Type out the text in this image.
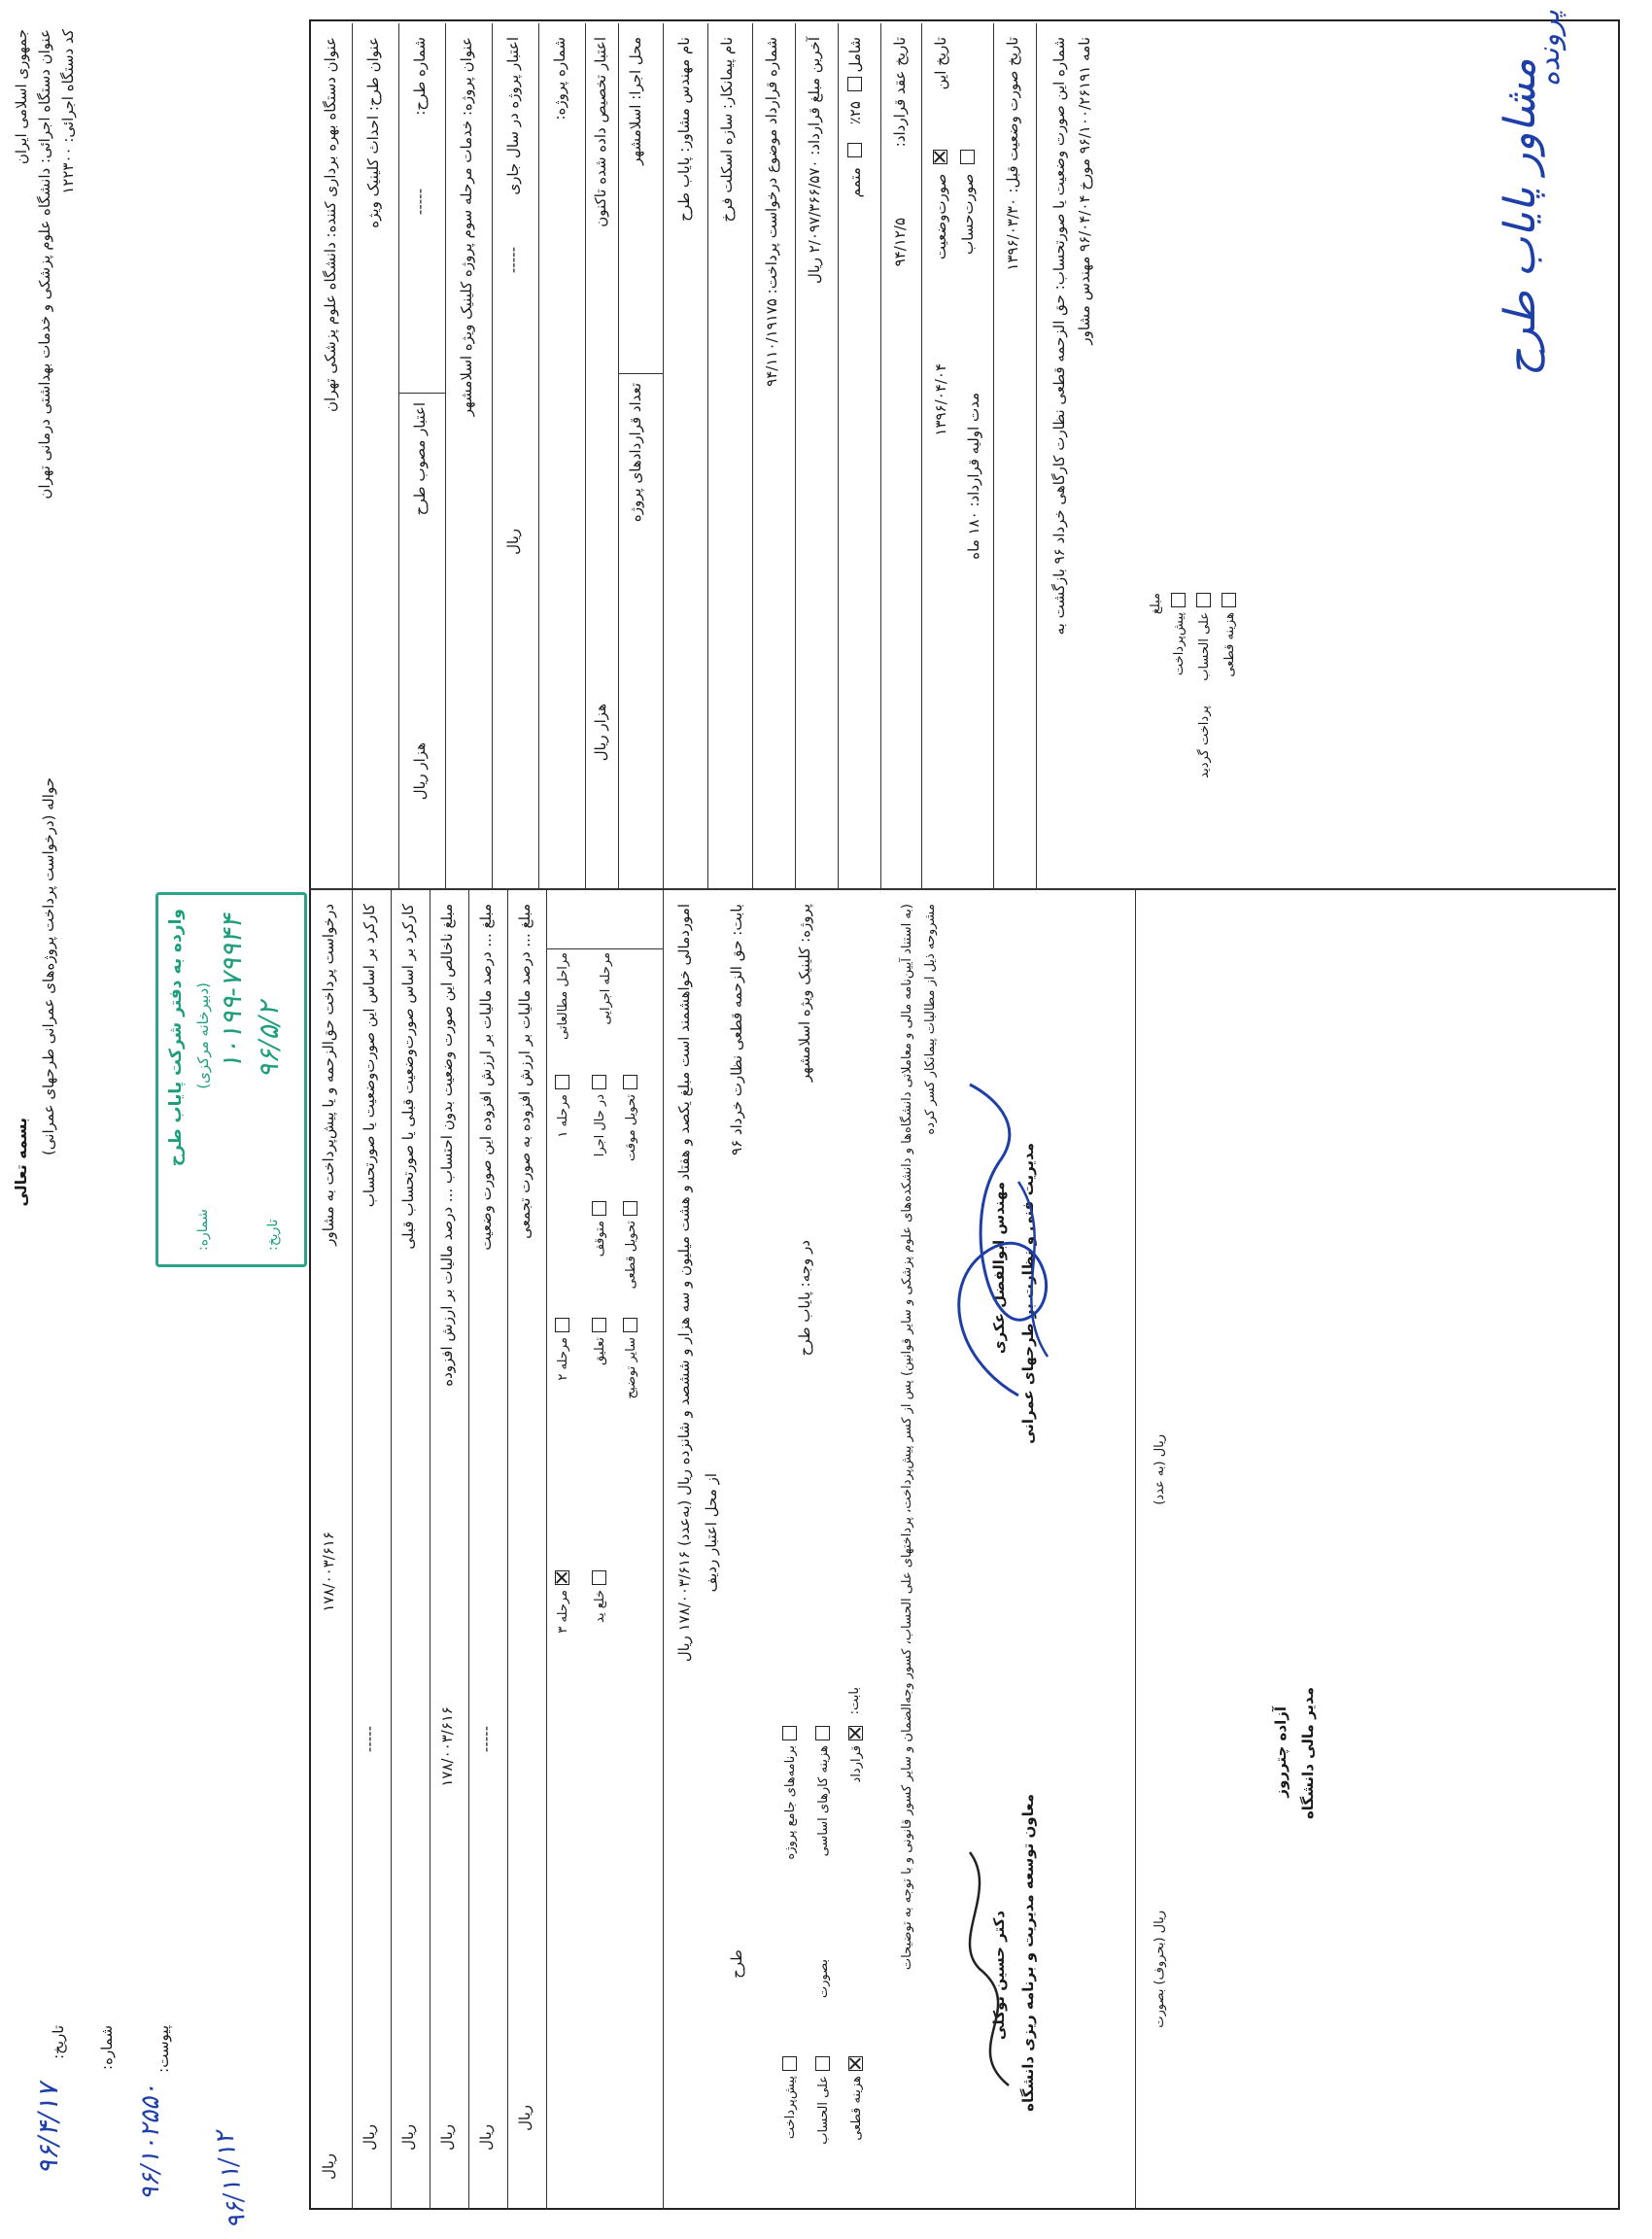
جمهوری اسلامی ایران عنوان دستگاه اجرائی: دانشگاه علوم پزشکی و خدمات بهداشتی درمانی تهران کد دستگاه اجرائی: ۱۲۲۳۰۰
بسمه تعالی
حواله (درخواست پرداخت پروژه‌های عمرانی طرحهای عمرانی)
تاریخ:
۹۶/۴/۱۷
شماره:
۹۶/۱۰۲۵۵۰
پیوست:
۹۶/۱۱/۱۲
وارده به دفتر شرکت پایاب طرح (دبیرخانه مرکزی)
شماره:
۱۰۱۹۹-۷۹۹۴۴
تاریخ:
۹۶/۵/۲
عنوان دستگاه بهره برداری کننده: دانشگاه علوم پزشکی تهران عنوان طرح: احداث کلینیک ویژه شماره طرح:
-----
اعتبار مصوب طرح
هزار ریال
عنوان پروژه: خدمات مرحله سوم پروژه کلینیک ویژه اسلامشهر اعتبار پروژه در سال جاری
-----
ریال
شماره پروژه: اعتبار تخصیص داده شده تاکنون
هزار ریال
محل اجرا: اسلامشهر
تعداد قراردادهای پروژه
نام مهندس مشاور: پایاب طرح نام پیمانکار: سازه اسکلت فرخ
شماره قرارداد موضوع درخواست پرداخت: ۹۴/۱۱۰/۱۹۱۷۵ آخرین مبلغ قرارداد: ۲/۰۹۷/۳۶۶/۵۷۰ ریال شامل  ۲۵٪     متمم
تاریخ عقد قرارداد:
۹۴/۱۲/۵
مدت اولیه قرارداد: ۱۸۰ ماه
تاریخ این
صورت‌وضعیت
۱۳۹۶/۰۴/۰۴
صورت‌حساب
تاریخ صورت وضعیت قبل:
۱۳۹۶/۰۳/۳۰
شماره این صورت وضعیت یا صورتحساب: حق الزحمه قطعی نظارت کارگاهی خرداد ۹۶ بازگشت به نامه ۹۶/۱۰۰/۲۶۱۹۱ مورخ ۹۶/۰۴/۰۴ مهندس مشاور
درخواست پرداخت حق‌الزحمه و یا پیش‌پرداخت به مشاور
۱۷۸/۰۰۳/۶۱۶
ریال
کارکرد بر اساس این صورت‌وضعیت یا صورتحساب
ریال
-----
کارکرد بر اساس صورت‌وضعیت قبلی یا صورتحساب قبلی
ریال
مبلغ ناخالص این صورت وضعیت بدون احتساب ... درصد مالیات بر ارزش افزوده
۱۷۸/۰۰۳/۶۱۶
ریال
مبلغ ... درصد مالیات بر ارزش افزوده این صورت وضعیت
-----
ریال
مبلغ ... درصد مالیات بر ارزش افزوده به صورت تجمعی
ریال
مراحل مطالعاتی مرحله اجرایی
مرحله ۱
مرحله ۲
مرحله ۳
در حال اجرا
متوقف
تعلیق
خلع ید
تحویل موقت
تحویل قطعی
سایر توضیح
اموردمالی خواهشمند است مبلغ یکصد و هفتاد و هشت میلیون و سه هزار و ششصد و شانزده ریال (به‌عدد) ۱۷۸/۰۰۳/۶۱۶ ریال از محل اعتبار ردیف
بابت: حق الزحمه قطعی نظارت خرداد ۹۶
طرح
پروژه: کلینیک ویژه اسلامشهر
در وجه: پایاب طرح
برنامه‌های جامع پروژه هزینه کارهای اساسی
بابت:
قرارداد
بصورت
پیش‌پرداخت علی الحساب هزینه قطعی
(به استناد آیین‌نامه مالی و معاملاتی دانشگاه‌ها و دانشکده‌های علوم پزشکی و سایر قوانین) پس از کسر پیش‌پرداخت، پرداختهای علی الحساب، کسور وجه‌الضمان و سایر کسور قانونی و با توجه به توضیحات مشروحه ذیل از مطالبات پیمانکار کسر کرده
مهندس ابوالفضل عکری مدیریت فنی و نظارت بر طرحهای عمرانی
دکتر حسین توکلی معاون توسعه مدیریت و برنامه ریزی دانشگاه
آزاده چترروز مدیر مالی دانشگاه
ریال (به عدد)
ریال (بحروف) بصورت
مبلغ
پیش‌پرداخت علی الحساب هزینه قطعی
پرداخت گردید
مشاور پایاب طرح
پرونده
